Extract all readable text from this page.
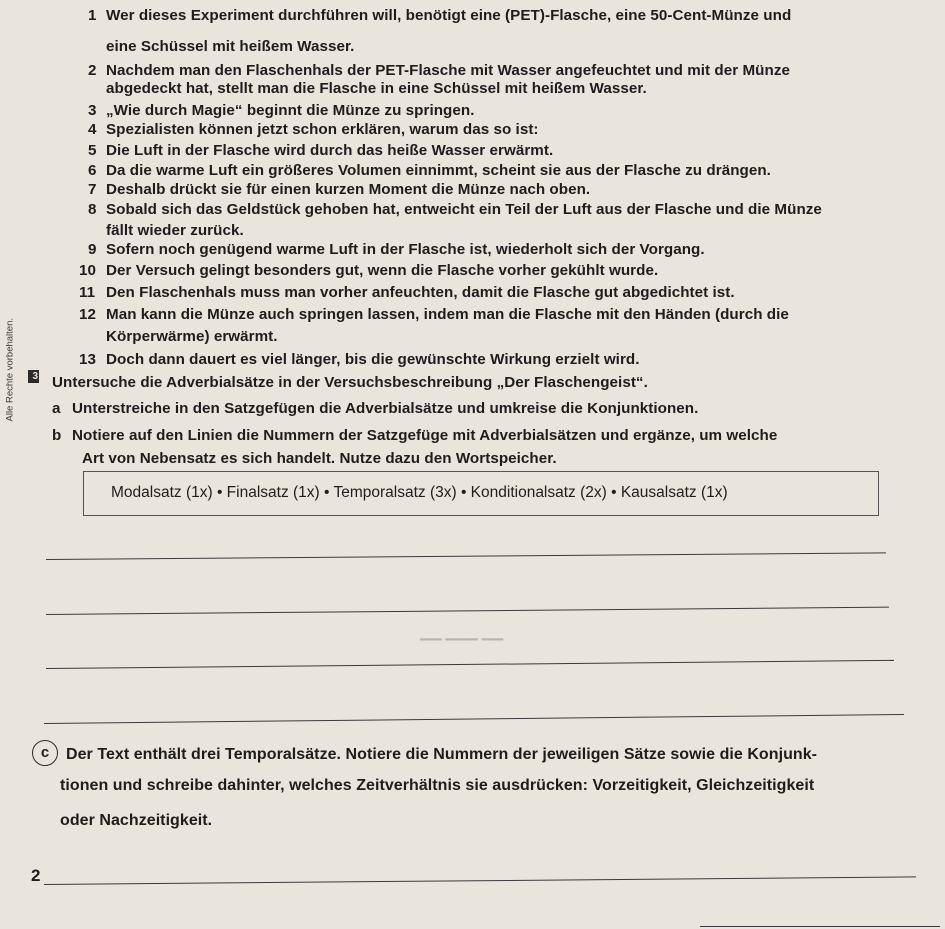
1 Wer dieses Experiment durchführen will, benötigt eine (PET)-Flasche, eine 50-Cent-Münze und
eine Schüssel mit heißem Wasser.
2 Nachdem man den Flaschenhals der PET-Flasche mit Wasser angefeuchtet und mit der Münze
abgedeckt hat, stellt man die Flasche in eine Schüssel mit heißem Wasser.
3 „Wie durch Magie“ beginnt die Münze zu springen.
4 Spezialisten können jetzt schon erklären, warum das so ist:
5 Die Luft in der Flasche wird durch das heiße Wasser erwärmt.
6 Da die warme Luft ein größeres Volumen einnimmt, scheint sie aus der Flasche zu drängen.
7 Deshalb drückt sie für einen kurzen Moment die Münze nach oben.
8 Sobald sich das Geldstück gehoben hat, entweicht ein Teil der Luft aus der Flasche und die Münze
fällt wieder zurück.
9 Sofern noch genügend warme Luft in der Flasche ist, wiederholt sich der Vorgang.
10 Der Versuch gelingt besonders gut, wenn die Flasche vorher gekühlt wurde.
11 Den Flaschenhals muss man vorher anfeuchten, damit die Flasche gut abgedichtet ist.
12 Man kann die Münze auch springen lassen, indem man die Flasche mit den Händen (durch die
Körperwärme) erwärmt.
13 Doch dann dauert es viel länger, bis die gewünschte Wirkung erzielt wird.
Alle Rechte vorbehalten.	3 Untersuche die Adverbialsätze in der Versuchsbeschreibung „Der Flaschengeist“.
a Unterstreiche in den Satzgefügen die Adverbialsätze und umkreise die Konjunktionen.
b Notiere auf den Linien die Nummern der Satzgefüge mit Adverbialsätzen und ergänze, um welche
Art von Nebensatz es sich handelt. Nutze dazu den Wortspeicher.
Modalsatz (1x) • Finalsatz (1x) • Temporalsatz (3x) • Konditionalsatz (2x) • Kausalsatz (1x)
▁▁ ▁▁▁ ▁▁
c	Der Text enthält drei Temporalsätze. Notiere die Nummern der jeweiligen Sätze sowie die Konjunk-
tionen und schreibe dahinter, welches Zeitverhältnis sie ausdrücken: Vorzeitigkeit, Gleichzeitigkeit
oder Nachzeitigkeit.
2
